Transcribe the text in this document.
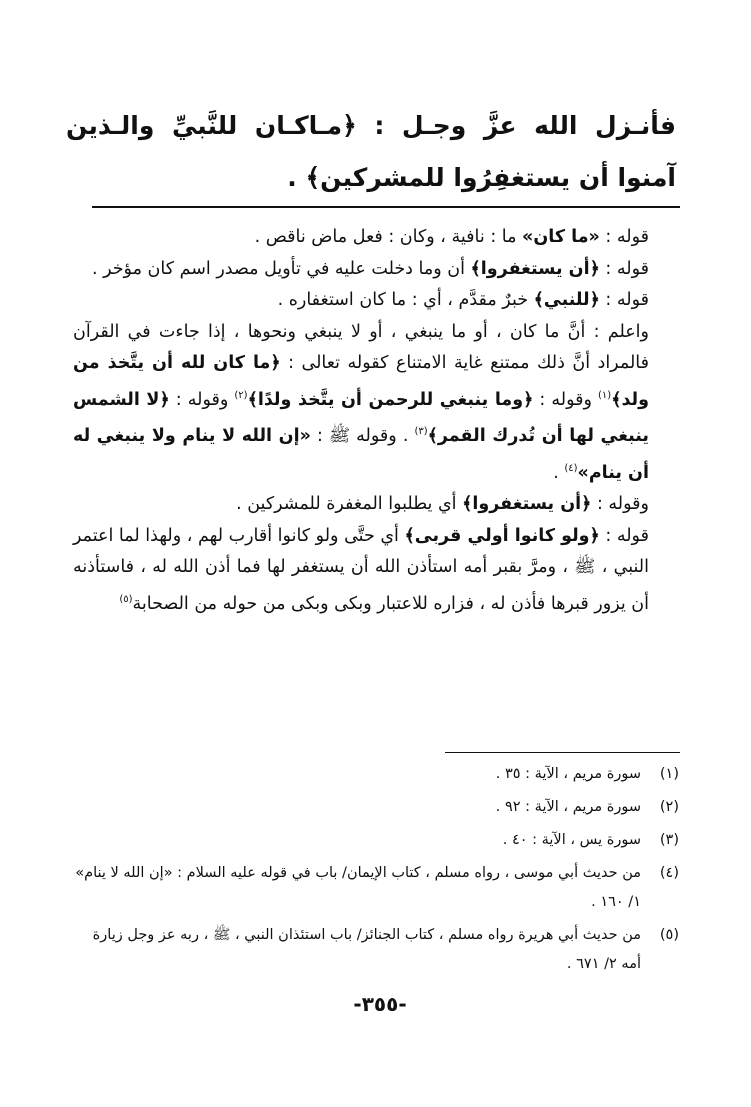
فأنـزل الله عزَّ وجـل : ﴿مـاكـان للنَّبيِّ والـذين آمنوا أن يستغفِرُوا للمشركين﴾ .

قوله : «ما كان» ما : نافية ، وكان : فعل ماض ناقص .

قوله : ﴿أن يستغفروا﴾ أن وما دخلت عليه في تأويل مصدر اسم كان مؤخر .

قوله : ﴿للنبي﴾ خبرٌ مقدَّم ، أي : ما كان استغفاره .

واعلم : أنَّ ما كان ، أو ما ينبغي ، أو لا ينبغي ونحوها ، إذا جاءت في القرآن فالمراد أنَّ ذلك ممتنع غاية الامتناع كقوله تعالى : ﴿ما كان لله أن يتَّخذ من ولد﴾$^{(١)}$ وقوله : ﴿وما ينبغي للرحمن أن يتَّخذ ولدًا﴾$^{(٢)}$ وقوله : ﴿لا الشمس ينبغي لها أن تُدرك القمر﴾$^{(٣)}$ . وقوله ﷺ : «إن الله لا ينام ولا ينبغي له أن ينام»$^{(٤)}$ .

وقوله : ﴿أن يستغفروا﴾ أي يطلبوا المغفرة للمشركين .

قوله : ﴿ولو كانوا أولي قربى﴾ أي حتَّى ولو كانوا أقارب لهم ، ولهذا لما اعتمر النبي ، ﷺ ، ومرَّ بقبر أمه استأذن الله أن يستغفر لها فما أذن الله له ، فاستأذنه أن يزور قبرها فأذن له ، فزاره للاعتبار وبكى وبكى من حوله من الصحابة$^{(٥)}$

(١)
سورة مريم ، الآية : ٣٥ .
(٢)
سورة مريم ، الآية : ٩٢ .
(٣)
سورة يس ، الآية : ٤٠ .
(٤)
من حديث أبي موسى ، رواه مسلم ، كتاب الإيمان/ باب في قوله عليه السلام : «إن الله لا ينام» ١/ ١٦٠ .
(٥)
من حديث أبي هريرة رواه مسلم ، كتاب الجنائز/ باب استئذان النبي ، ﷺ ، ربه عز وجل زيارة أمه ٢/ ٦٧١ .
-٣٥٥-
